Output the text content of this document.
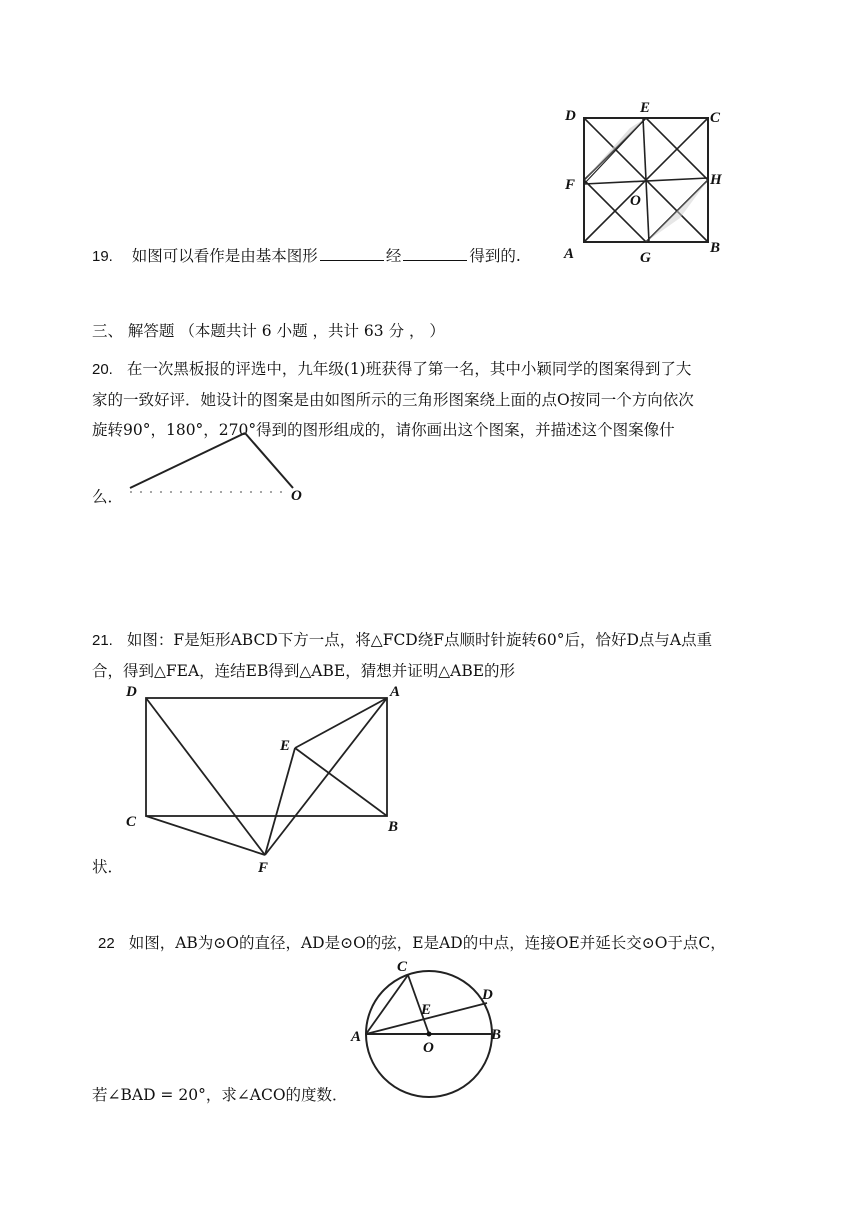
D	E
C
F	H
O
A	G
B
19. 如图可以看作是由基本图形	经	得到的.
三、 解答题 （本题共计 6 小题 ，共计 63 分 ， ）
20. 在一次黑板报的评选中，九年级(1)班获得了第一名，其中小颖同学的图案得到了大
家的一致好评．她设计的图案是由如图所示的三角形图案绕上面的点O按同一个方向依次
旋转90°，180°，270°得到的图形组成的，请你画出这个图案，并描述这个图案像什
O
么．
21. 如图：F是矩形ABCD下方一点，将△FCD绕F点顺时针旋转60°后，恰好D点与A点重
合，得到△FEA，连结EB得到△ABE，猜想并证明△ABE的形
D	A
E
C	B
F
状．
22 如图，AB为⊙O的直径，AD是⊙O的弦，E是AD的中点，连接OE并延长交⊙O于点C，
C
D
E
A
O
B
若∠BAD = 20°，求∠ACO的度数．
